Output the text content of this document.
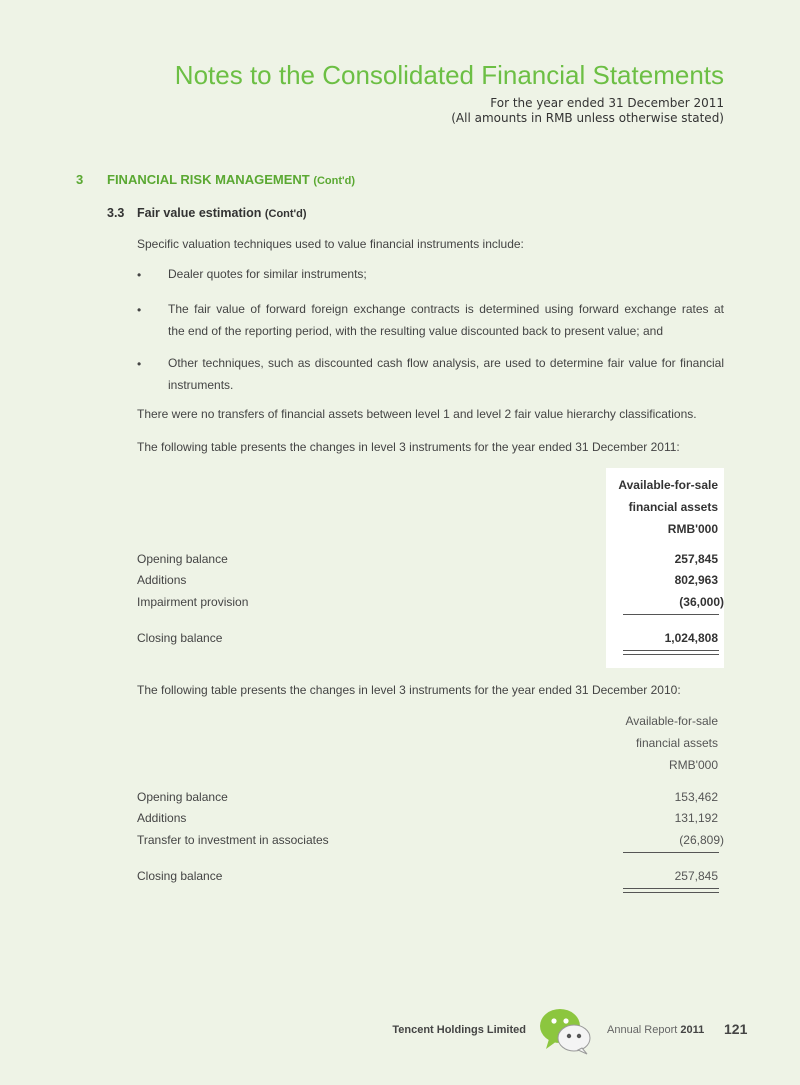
Notes to the Consolidated Financial Statements
For the year ended 31 December 2011
(All amounts in RMB unless otherwise stated)
3 FINANCIAL RISK MANAGEMENT (Cont'd)
3.3 Fair value estimation (Cont'd)
Specific valuation techniques used to value financial instruments include:
• Dealer quotes for similar instruments;
• The fair value of forward foreign exchange contracts is determined using forward exchange rates at
the end of the reporting period, with the resulting value discounted back to present value; and
• Other techniques, such as discounted cash flow analysis, are used to determine fair value for financial
instruments.
There were no transfers of financial assets between level 1 and level 2 fair value hierarchy classifications.
The following table presents the changes in level 3 instruments for the year ended 31 December 2011:
Available-for-sale
financial assets
RMB'000
Opening balance	257,845
Additions	802,963
Impairment provision	(36,000)
Closing balance	1,024,808
The following table presents the changes in level 3 instruments for the year ended 31 December 2010:
Available-for-sale
financial assets
RMB'000
Opening balance	153,462
Additions	131,192
Transfer to investment in associates	(26,809)
Closing balance	257,845
Tencent Holdings Limited	Annual Report 2011 121
